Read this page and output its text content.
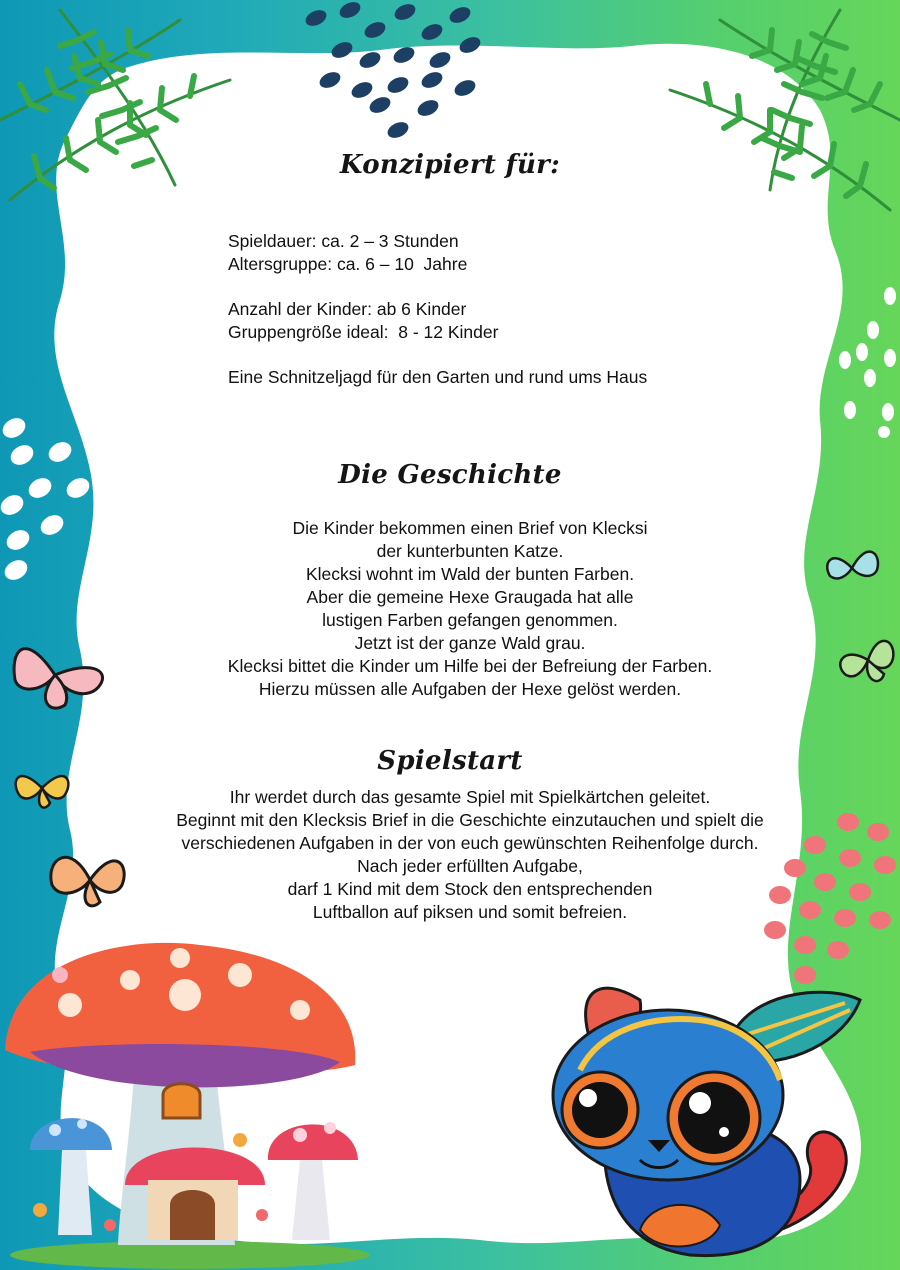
Konzipiert für:
Spieldauer: ca. 2 – 3 Stunden
Altersgruppe: ca. 6 – 10  Jahre
Anzahl der Kinder: ab 6 Kinder
Gruppengröße ideal:  8 - 12 Kinder
Eine Schnitzeljagd für den Garten und rund ums Haus
Die Geschichte
Die Kinder bekommen einen Brief von Klecksi
der kunterbunten Katze.
Klecksi wohnt im Wald der bunten Farben.
Aber die gemeine Hexe Graugada hat alle
lustigen Farben gefangen genommen.
Jetzt ist der ganze Wald grau.
Klecksi bittet die Kinder um Hilfe bei der Befreiung der Farben.
Hierzu müssen alle Aufgaben der Hexe gelöst werden.
Spielstart
Ihr werdet durch das gesamte Spiel mit Spielkärtchen geleitet.
Beginnt mit den Klecksis Brief in die Geschichte einzutauchen und spielt die
verschiedenen Aufgaben in der von euch gewünschten Reihenfolge durch.
Nach jeder erfüllten Aufgabe,
darf 1 Kind mit dem Stock den entsprechenden
Luftballon auf piksen und somit befreien.
